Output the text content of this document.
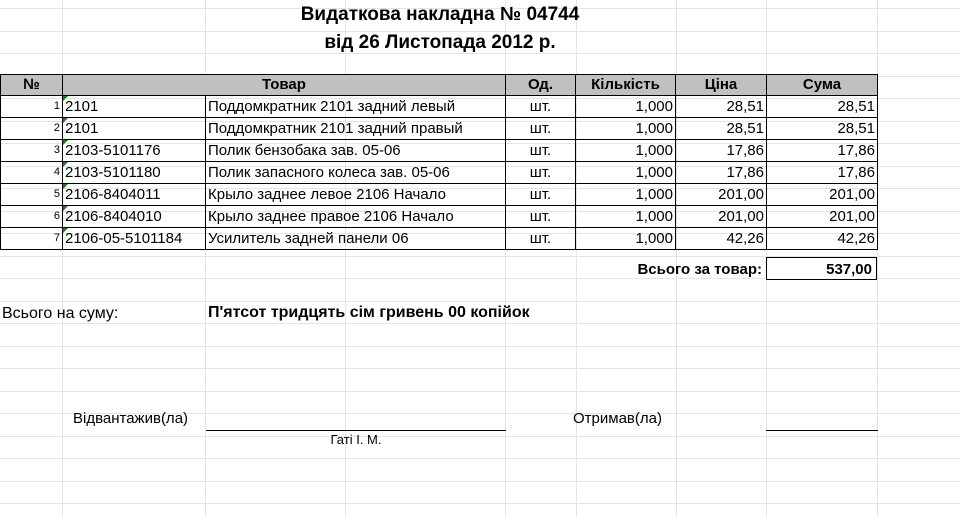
Видаткова накладна № 04744
від 26 Листопада 2012 р.
№	Товар		Од.	Кількість	Ціна	Сума
1	2101	Поддомкратник 2101 задний левый	шт.	1,000	28,51	28,51
2	2101	Поддомкратник 2101 задний правый	шт.	1,000	28,51	28,51
3	2103-5101176	Полик бензобака зав. 05-06	шт.	1,000	17,86	17,86
4	2103-5101180	Полик запасного колеса зав. 05-06	шт.	1,000	17,86	17,86
5	2106-8404011	Крыло заднее левое 2106 Начало	шт.	1,000	201,00	201,00
6	2106-8404010	Крыло заднее правое 2106 Начало	шт.	1,000	201,00	201,00
7	2106-05-5101184	Усилитель задней панели 06	шт.	1,000	42,26	42,26
Всього за товар:	537,00
Всього на суму:	П'ятсот тридцять сім гривень 00 копійок
Відвантажив(ла)
Гаті І. М.
Отримав(ла)
